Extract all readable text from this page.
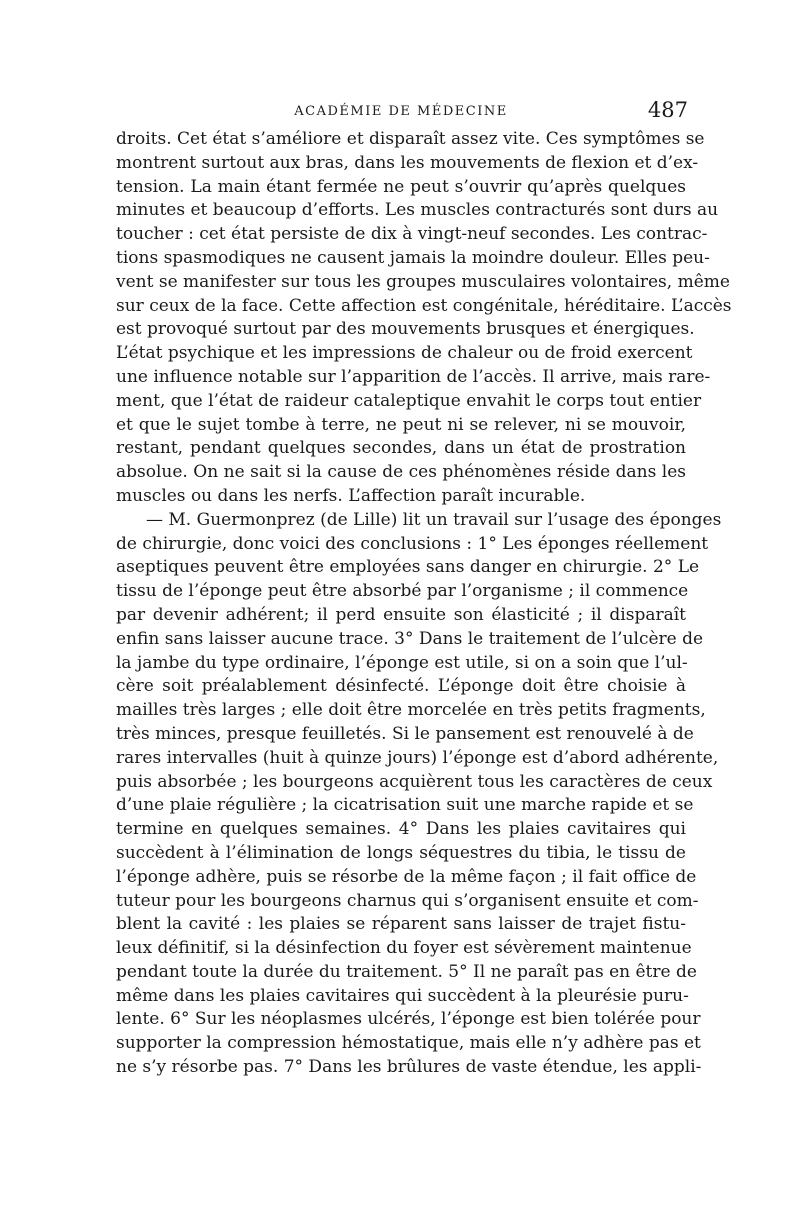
ACADÉMIE DE MÉDECINE	487
droits. Cet état s’améliore et disparaît assez vite. Ces symptômes se
montrent surtout aux bras, dans les mouvements de flexion et d’ex-
tension. La main étant fermée ne peut s’ouvrir qu’après quelques
minutes et beaucoup d’efforts. Les muscles contracturés sont durs au
toucher : cet état persiste de dix à vingt-neuf secondes. Les contrac-
tions spasmodiques ne causent jamais la moindre douleur. Elles peu-
vent se manifester sur tous les groupes musculaires volontaires, même
sur ceux de la face. Cette affection est congénitale, héréditaire. L’accès
est provoqué surtout par des mouvements brusques et énergiques.
L’état psychique et les impressions de chaleur ou de froid exercent
une influence notable sur l’apparition de l’accès. Il arrive, mais rare-
ment, que l’état de raideur cataleptique envahit le corps tout entier
et que le sujet tombe à terre, ne peut ni se relever, ni se mouvoir,
restant, pendant quelques secondes, dans un état de prostration
absolue. On ne sait si la cause de ces phénomènes réside dans les
muscles ou dans les nerfs. L’affection paraît incurable.
— M. Guermonprez (de Lille) lit un travail sur l’usage des éponges
de chirurgie, donc voici des conclusions : 1° Les éponges réellement
aseptiques peuvent être employées sans danger en chirurgie. 2° Le
tissu de l’éponge peut être absorbé par l’organisme ; il commence
par devenir adhérent; il perd ensuite son élasticité ; il disparaît
enfin sans laisser aucune trace. 3° Dans le traitement de l’ulcère de
la jambe du type ordinaire, l’éponge est utile, si on a soin que l’ul-
cère soit préalablement désinfecté. L’éponge doit être choisie à
mailles très larges ; elle doit être morcelée en très petits fragments,
très minces, presque feuilletés. Si le pansement est renouvelé à de
rares intervalles (huit à quinze jours) l’éponge est d’abord adhérente,
puis absorbée ; les bourgeons acquièrent tous les caractères de ceux
d’une plaie régulière ; la cicatrisation suit une marche rapide et se
termine en quelques semaines. 4° Dans les plaies cavitaires qui
succèdent à l’élimination de longs séquestres du tibia, le tissu de
l’éponge adhère, puis se résorbe de la même façon ; il fait office de
tuteur pour les bourgeons charnus qui s’organisent ensuite et com-
blent la cavité : les plaies se réparent sans laisser de trajet fistu-
leux définitif, si la désinfection du foyer est sévèrement maintenue
pendant toute la durée du traitement. 5° Il ne paraît pas en être de
même dans les plaies cavitaires qui succèdent à la pleurésie puru-
lente. 6° Sur les néoplasmes ulcérés, l’éponge est bien tolérée pour
supporter la compression hémostatique, mais elle n’y adhère pas et
ne s’y résorbe pas. 7° Dans les brûlures de vaste étendue, les appli-
